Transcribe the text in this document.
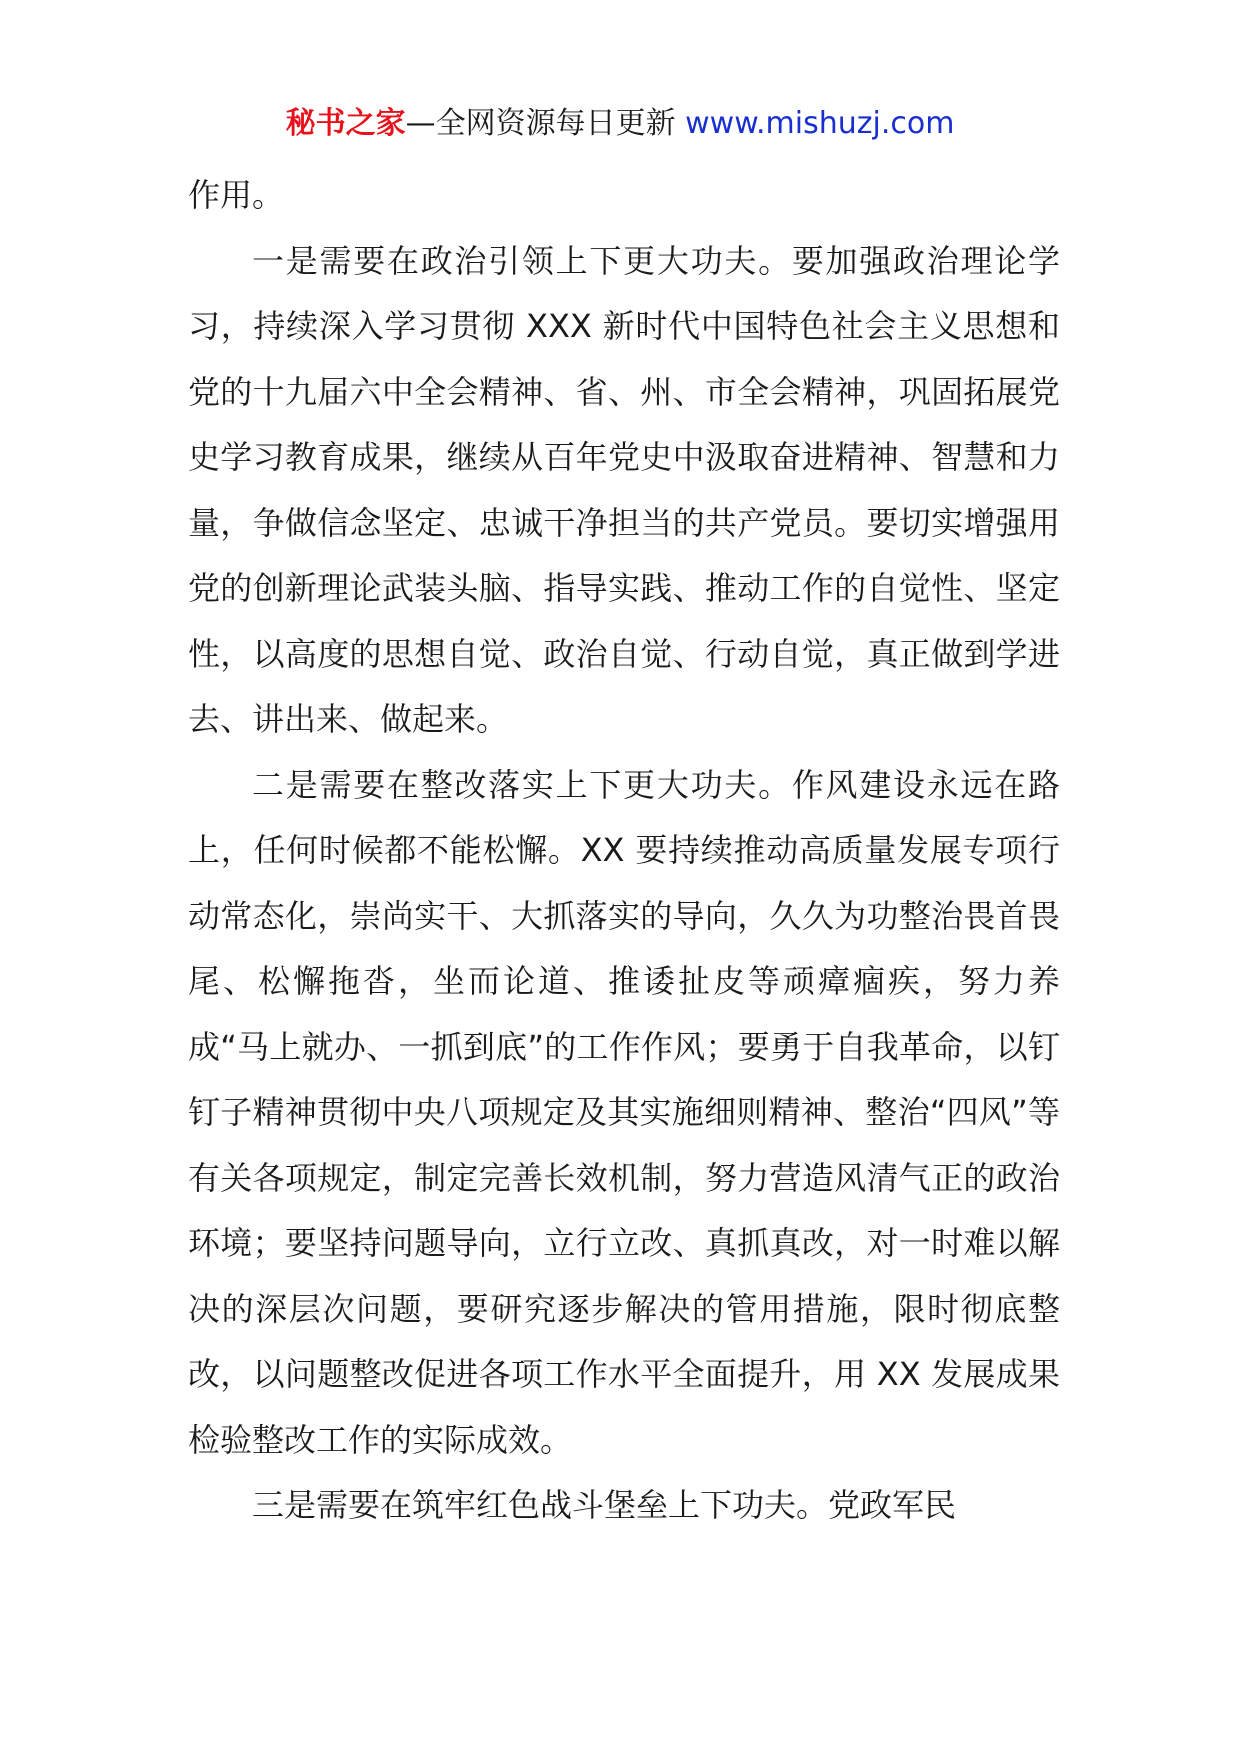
秘书之家—全网资源每日更新 www.mishuzj.com

作用。

一是需要在政治引领上下更大功夫。要加强政治理论学习，持续深入学习贯彻 XXX 新时代中国特色社会主义思想和党的十九届六中全会精神、省、州、市全会精神，巩固拓展党史学习教育成果，继续从百年党史中汲取奋进精神、智慧和力量，争做信念坚定、忠诚干净担当的共产党员。要切实增强用党的创新理论武装头脑、指导实践、推动工作的自觉性、坚定性，以高度的思想自觉、政治自觉、行动自觉，真正做到学进去、讲出来、做起来。

二是需要在整改落实上下更大功夫。作风建设永远在路上，任何时候都不能松懈。XX 要持续推动高质量发展专项行动常态化，崇尚实干、大抓落实的导向，久久为功整治畏首畏尾、松懈拖沓，坐而论道、推诿扯皮等顽瘴痼疾，努力养成“马上就办、一抓到底”的工作作风；要勇于自我革命，以钉钉子精神贯彻中央八项规定及其实施细则精神、整治“四风”等有关各项规定，制定完善长效机制，努力营造风清气正的政治环境；要坚持问题导向，立行立改、真抓真改，对一时难以解决的深层次问题，要研究逐步解决的管用措施，限时彻底整改，以问题整改促进各项工作水平全面提升，用 XX 发展成果检验整改工作的实际成效。

三是需要在筑牢红色战斗堡垒上下功夫。党政军民
